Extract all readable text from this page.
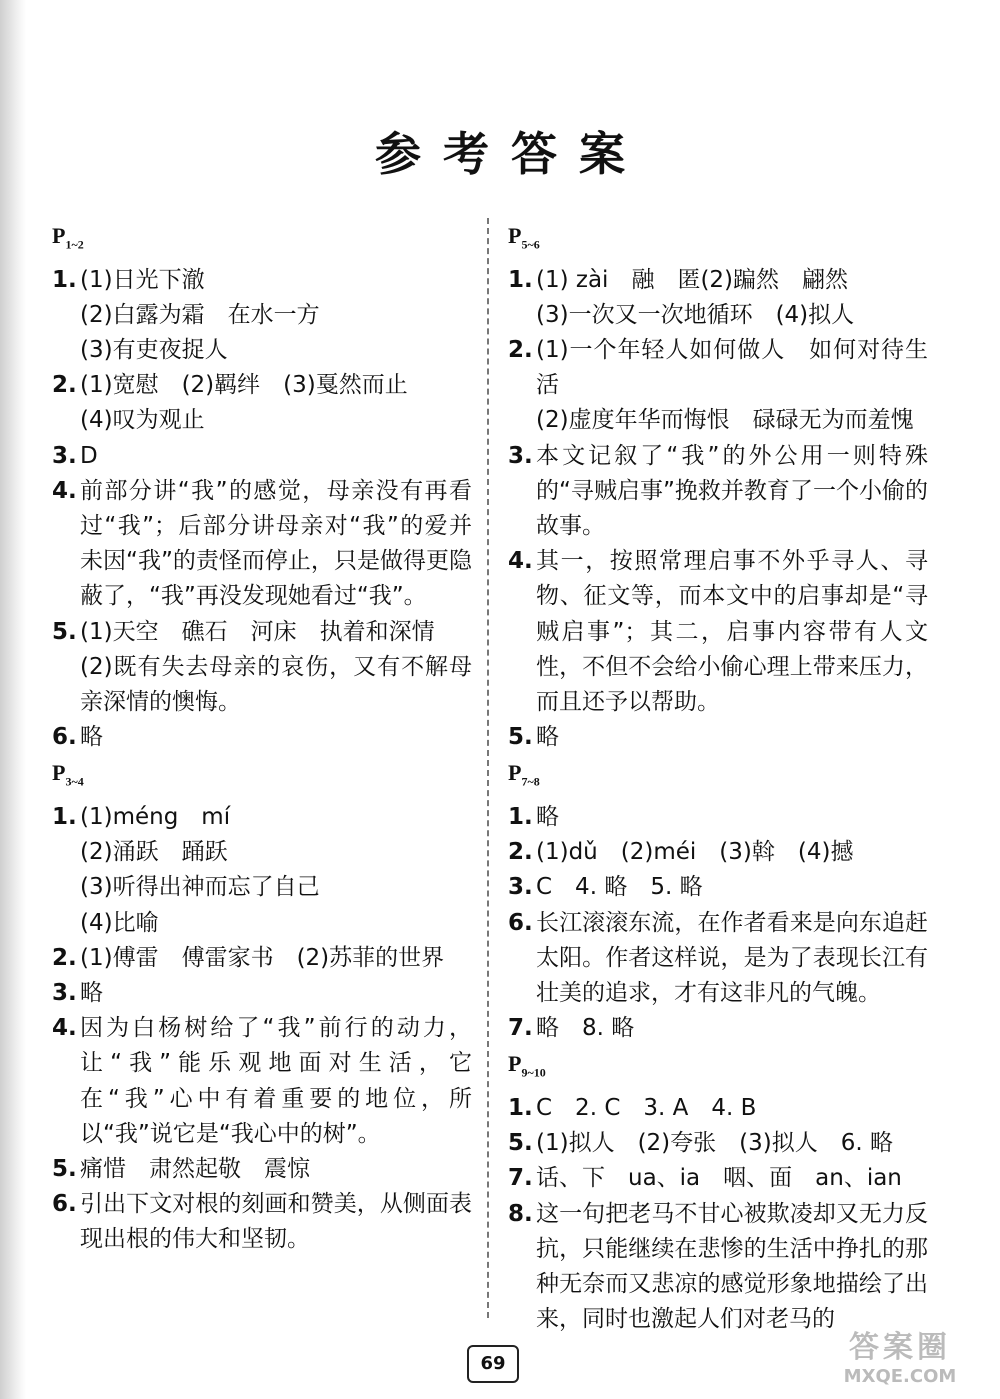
参考答案
$P_{1\sim 2}$
1. (1)日光下澈
(2)白露为霜　在水一方
(3)有吏夜捉人
2. (1)宽慰　(2)羁绊　(3)戛然而止
(4)叹为观止
3. D
4. 前部分讲“我”的感觉，母亲没有再看过“我”；后部分讲母亲对“我”的爱并未因“我”的责怪而停止，只是做得更隐蔽了，“我”再没发现她看过“我”。
5. (1)天空　礁石　河床　执着和深情
(2)既有失去母亲的哀伤，又有不解母亲深情的懊悔。
6. 略
$P_{3\sim 4}$
1. (1)méng　mí
(2)涌跃　踊跃
(3)听得出神而忘了自己
(4)比喻
2. (1)傅雷　傅雷家书　(2)苏菲的世界
3. 略
4. 因为白杨树给了“我”前行的动力，让“我”能乐观地面对生活，它在“我”心中有着重要的地位，所以“我”说它是“我心中的树”。
5. 痛惜　肃然起敬　震惊
6. 引出下文对根的刻画和赞美，从侧面表现出根的伟大和坚韧。
$P_{5\sim 6}$
1. (1) zài　融　匿(2)蹁然　翩然
(3)一次又一次地循环　(4)拟人
2. (1)一个年轻人如何做人　如何对待生活
(2)虚度年华而悔恨　碌碌无为而羞愧
3. 本文记叙了“我”的外公用一则特殊的“寻贼启事”挽救并教育了一个小偷的故事。
4. 其一，按照常理启事不外乎寻人、寻物、征文等，而本文中的启事却是“寻贼启事”；其二，启事内容带有人文性，不但不会给小偷心理上带来压力，而且还予以帮助。
5. 略
$P_{7\sim 8}$
1. 略
2. (1)dǔ　(2)méi　(3)斡　(4)撼
3. C　4. 略　5. 略
6. 长江滚滚东流，在作者看来是向东追赶太阳。作者这样说，是为了表现长江有壮美的追求，才有这非凡的气魄。
7. 略　8. 略
$P_{9\sim 10}$
1. C　2. C　3. A　4. B
5. (1)拟人　(2)夸张　(3)拟人　6. 略
7. 话、下　ua、ia　咽、面　an、ian
8. 这一句把老马不甘心被欺凌却又无力反抗，只能继续在悲惨的生活中挣扎的那种无奈而又悲凉的感觉形象地描绘了出来，同时也激起人们对老马的
69	答案圈
MXQE.COM
